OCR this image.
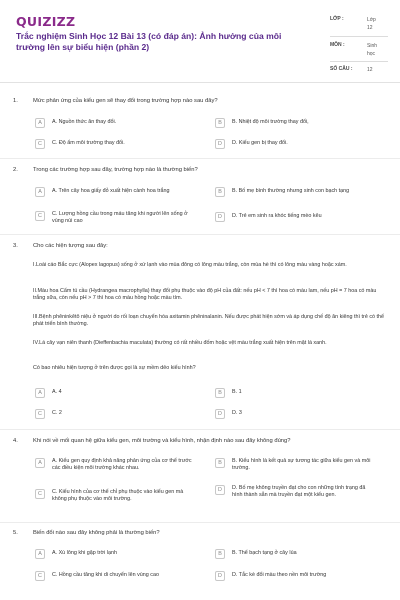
QUIZIZZ
Trắc nghiệm Sinh Học 12 Bài 13 (có đáp án): Ảnh hưởng của môi trường lên sự biểu hiện (phần 2)
LỚP :	Lớp 12
MÔN :	Sinh học
SỐ CÂU :	12
1.	Mức phản ứng của kiểu gen sẽ thay đổi trong trường hợp nào sau đây?
A	A. Nguồn thức ăn thay đổi.	B	B. Nhiệt độ môi trường thay đổi,
C	C. Độ ẩm môi trường thay đổi.	D	D. Kiểu gen bị thay đổi.
2.	Trong các trường hợp sau đây, trường hợp nào là thường biến?
A	A. Trên cây hoa giấy đỏ xuất hiện cành hoa trắng	B	B. Bố mẹ bình thường nhưng sinh con bạch tạng
C	C. Lượng hồng cầu trong máu tăng khi người lên sống ở vùng núi cao
D	D. Trẻ em sinh ra khóc tiếng mèo kêu
3.	Cho các hiện tượng sau đây:
I.Loài cáo Bắc cực (Alopex lagopus) sống ở xứ lạnh vào mùa đông có lông màu trắng, còn mùa hè thì có lông màu vàng hoặc xám.
II.Màu hoa Cẩm tú cầu (Hydrangea macrophylla) thay đổi phụ thuộc vào độ pH của đất: nếu pH < 7 thì hoa có màu lam, nếu pH = 7 hoa có màu trắng sữa, còn nếu pH > 7 thì hoa có màu hồng hoặc màu tím.
III.Bệnh phêninkêtô niệu ở người do rối loạn chuyển hóa axitamin phêninalanin. Nếu được phát hiện sớm và áp dụng chế độ ăn kiêng thì trẻ có thể phát triển bình thường.
IV.Lá cây vạn niên thanh (Dieffenbachia maculata) thường có rất nhiều đốm hoặc vệt màu trắng xuất hiện trên mặt lá xanh.
Có bao nhiêu hiện tượng ở trên được gọi là sự mềm dẻo kiểu hình?
A	A. 4	B	B. 1
C	C. 2	D	D. 3
4.	Khi nói về mối quan hệ giữa kiểu gen, môi trường và kiểu hình, nhận định nào sau đây không đúng?
A	A. Kiểu gen quy định khả năng phản ứng của cơ thể trước các điều kiện môi trường khác nhau.
B	B. Kiểu hình là kết quả sự tương tác giữa kiểu gen và môi trường.
C	C. Kiểu hình của cơ thể chỉ phụ thuộc vào kiểu gen mà không phụ thuộc vào môi trường.
D	D. Bố mẹ không truyền đạt cho con những tính trạng đã hình thành sẵn mà truyền đạt một kiểu gen.
5.	Biến đổi nào sau đây không phải là thường biến?
A	A. Xù lông khi gặp trời lạnh	B	B. Thể bạch tạng ở cây lúa
C	C. Hồng cầu tăng khi di chuyển lên vùng cao	D	D. Tắc kè đổi màu theo nền môi trường
